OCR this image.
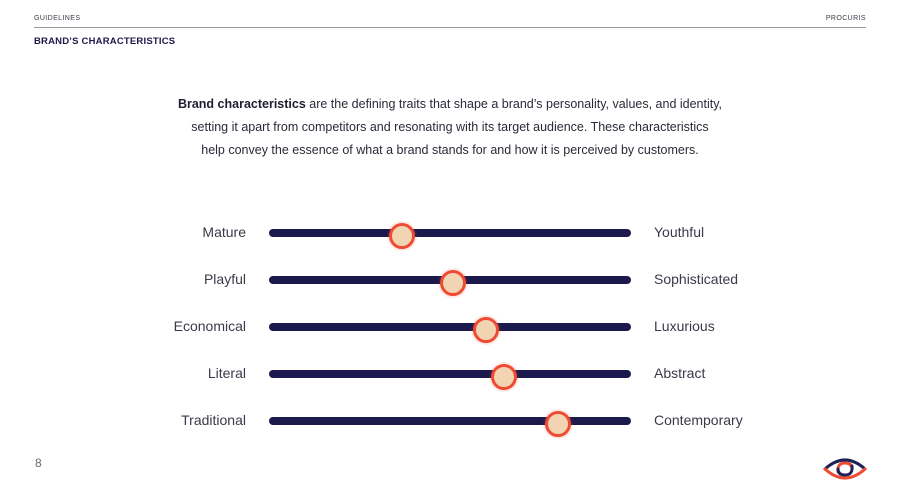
GUIDELINES	PROCURIS
BRAND’S CHARACTERISTICS
Brand characteristics are the defining traits that shape a brand’s personality, values, and identity,
setting it apart from competitors and resonating with its target audience. These characteristics
help convey the essence of what a brand stands for and how it is perceived by customers.
Mature	Youthful
Playful	Sophisticated
Economical	Luxurious
Literal	Abstract
Traditional	Contemporary
8
